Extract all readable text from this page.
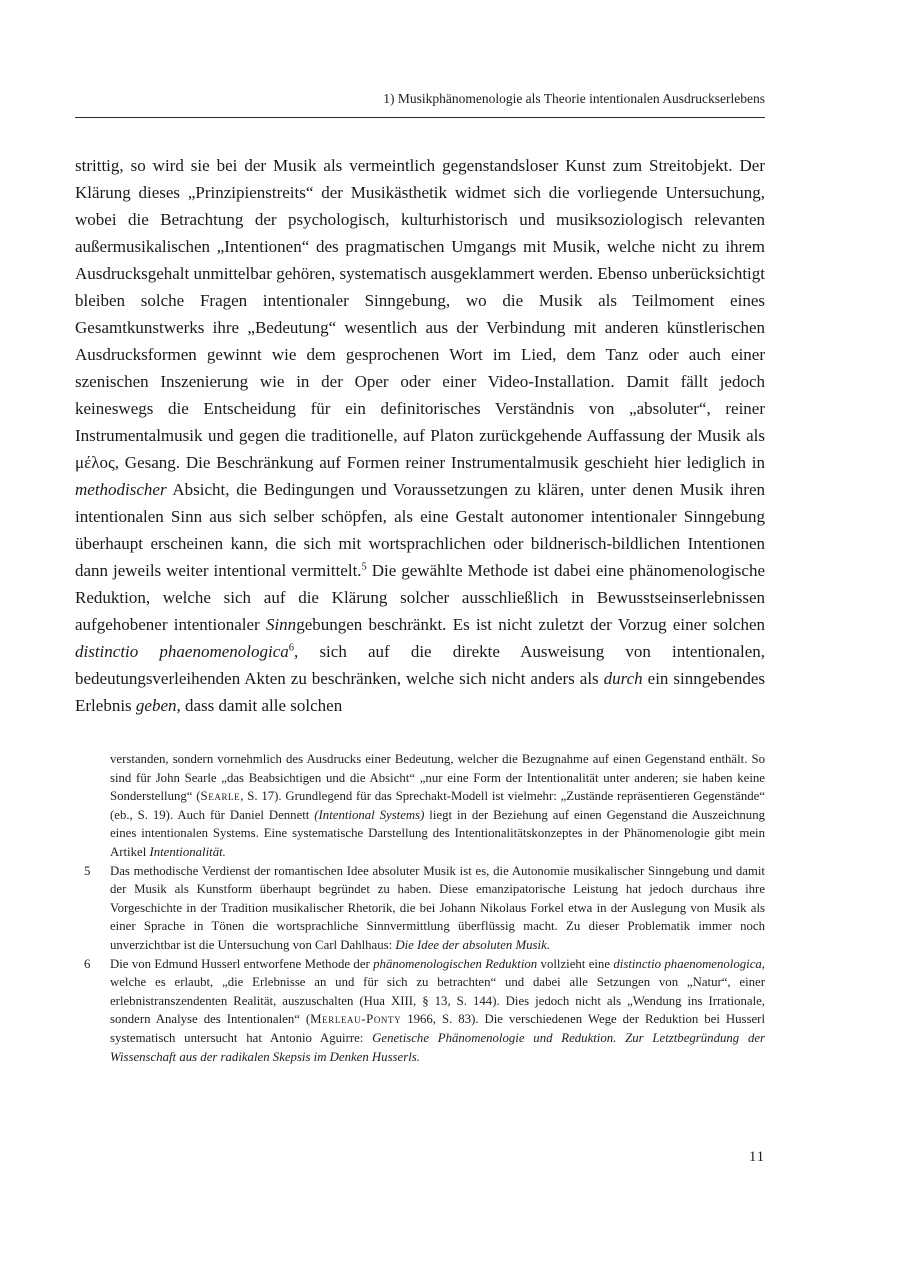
1) Musikphänomenologie als Theorie intentionalen Ausdruckserlebens

strittig, so wird sie bei der Musik als vermeintlich gegenstandsloser Kunst zum Streitobjekt. Der Klärung dieses „Prinzipienstreits“ der Musikästhetik widmet sich die vorliegende Untersuchung, wobei die Betrachtung der psychologisch, kulturhistorisch und musiksoziologisch relevanten außermusikalischen „Intentionen“ des pragmatischen Umgangs mit Musik, welche nicht zu ihrem Ausdrucksgehalt unmittelbar gehören, systematisch ausgeklammert werden. Ebenso unberücksichtigt bleiben solche Fragen intentionaler Sinngebung, wo die Musik als Teilmoment eines Gesamtkunstwerks ihre „Bedeutung“ wesentlich aus der Verbindung mit anderen künstlerischen Ausdrucksformen gewinnt wie dem gesprochenen Wort im Lied, dem Tanz oder auch einer szenischen Inszenierung wie in der Oper oder einer Video-Installation. Damit fällt jedoch keineswegs die Entscheidung für ein definitorisches Verständnis von „absoluter“, reiner Instrumentalmusik und gegen die traditionelle, auf Platon zurückgehende Auffassung der Musik als μέλος, Gesang. Die Beschränkung auf Formen reiner Instrumentalmusik geschieht hier lediglich in methodischer Absicht, die Bedingungen und Voraussetzungen zu klären, unter denen Musik ihren intentionalen Sinn aus sich selber schöpfen, als eine Gestalt autonomer intentionaler Sinngebung überhaupt erscheinen kann, die sich mit wortsprachlichen oder bildnerisch-bildlichen Intentionen dann jeweils weiter intentional vermittelt.$^5$ Die gewählte Methode ist dabei eine phänomenologische Reduktion, welche sich auf die Klärung solcher ausschließlich in Bewusstseinserlebnissen aufgehobener intentionaler Sinngebungen beschränkt. Es ist nicht zuletzt der Vorzug einer solchen distinctio phaenomenologica$^6$, sich auf die direkte Ausweisung von intentionalen, bedeutungsverleihenden Akten zu beschränken, welche sich nicht anders als durch ein sinngebendes Erlebnis geben, dass damit alle solchen

verstanden, sondern vornehmlich des Ausdrucks einer Bedeutung, welcher die Bezugnahme auf einen Gegenstand enthält. So sind für John Searle „das Beabsichtigen und die Absicht“ „nur eine Form der Intentionalität unter anderen; sie haben keine Sonderstellung“ (Searle, S. 17). Grundlegend für das Sprechakt-Modell ist vielmehr: „Zustände repräsentieren Gegenstände“ (eb., S. 19). Auch für Daniel Dennett (Intentional Systems) liegt in der Beziehung auf einen Gegenstand die Auszeichnung eines intentionalen Systems. Eine systematische Darstellung des Intentionalitätskonzeptes in der Phänomenologie gibt mein Artikel Intentionalität.
5 Das methodische Verdienst der romantischen Idee absoluter Musik ist es, die Autonomie musikalischer Sinngebung und damit der Musik als Kunstform überhaupt begründet zu haben. Diese emanzipatorische Leistung hat jedoch durchaus ihre Vorgeschichte in der Tradition musikalischer Rhetorik, die bei Johann Nikolaus Forkel etwa in der Auslegung von Musik als einer Sprache in Tönen die wortsprachliche Sinnvermittlung überflüssig macht. Zu dieser Problematik immer noch unverzichtbar ist die Untersuchung von Carl Dahlhaus: Die Idee der absoluten Musik.
6 Die von Edmund Husserl entworfene Methode der phänomenologischen Reduktion vollzieht eine distinctio phaenomenologica, welche es erlaubt, „die Erlebnisse an und für sich zu betrachten“ und dabei alle Setzungen von „Natur“, einer erlebnistranszendenten Realität, auszuschalten (Hua XIII, § 13, S. 144). Dies jedoch nicht als „Wendung ins Irrationale, sondern Analyse des Intentionalen“ (Merleau-Ponty 1966, S. 83). Die verschiedenen Wege der Reduktion bei Husserl systematisch untersucht hat Antonio Aguirre: Genetische Phänomenologie und Reduktion. Zur Letztbegründung der Wissenschaft aus der radikalen Skepsis im Denken Husserls.
11
